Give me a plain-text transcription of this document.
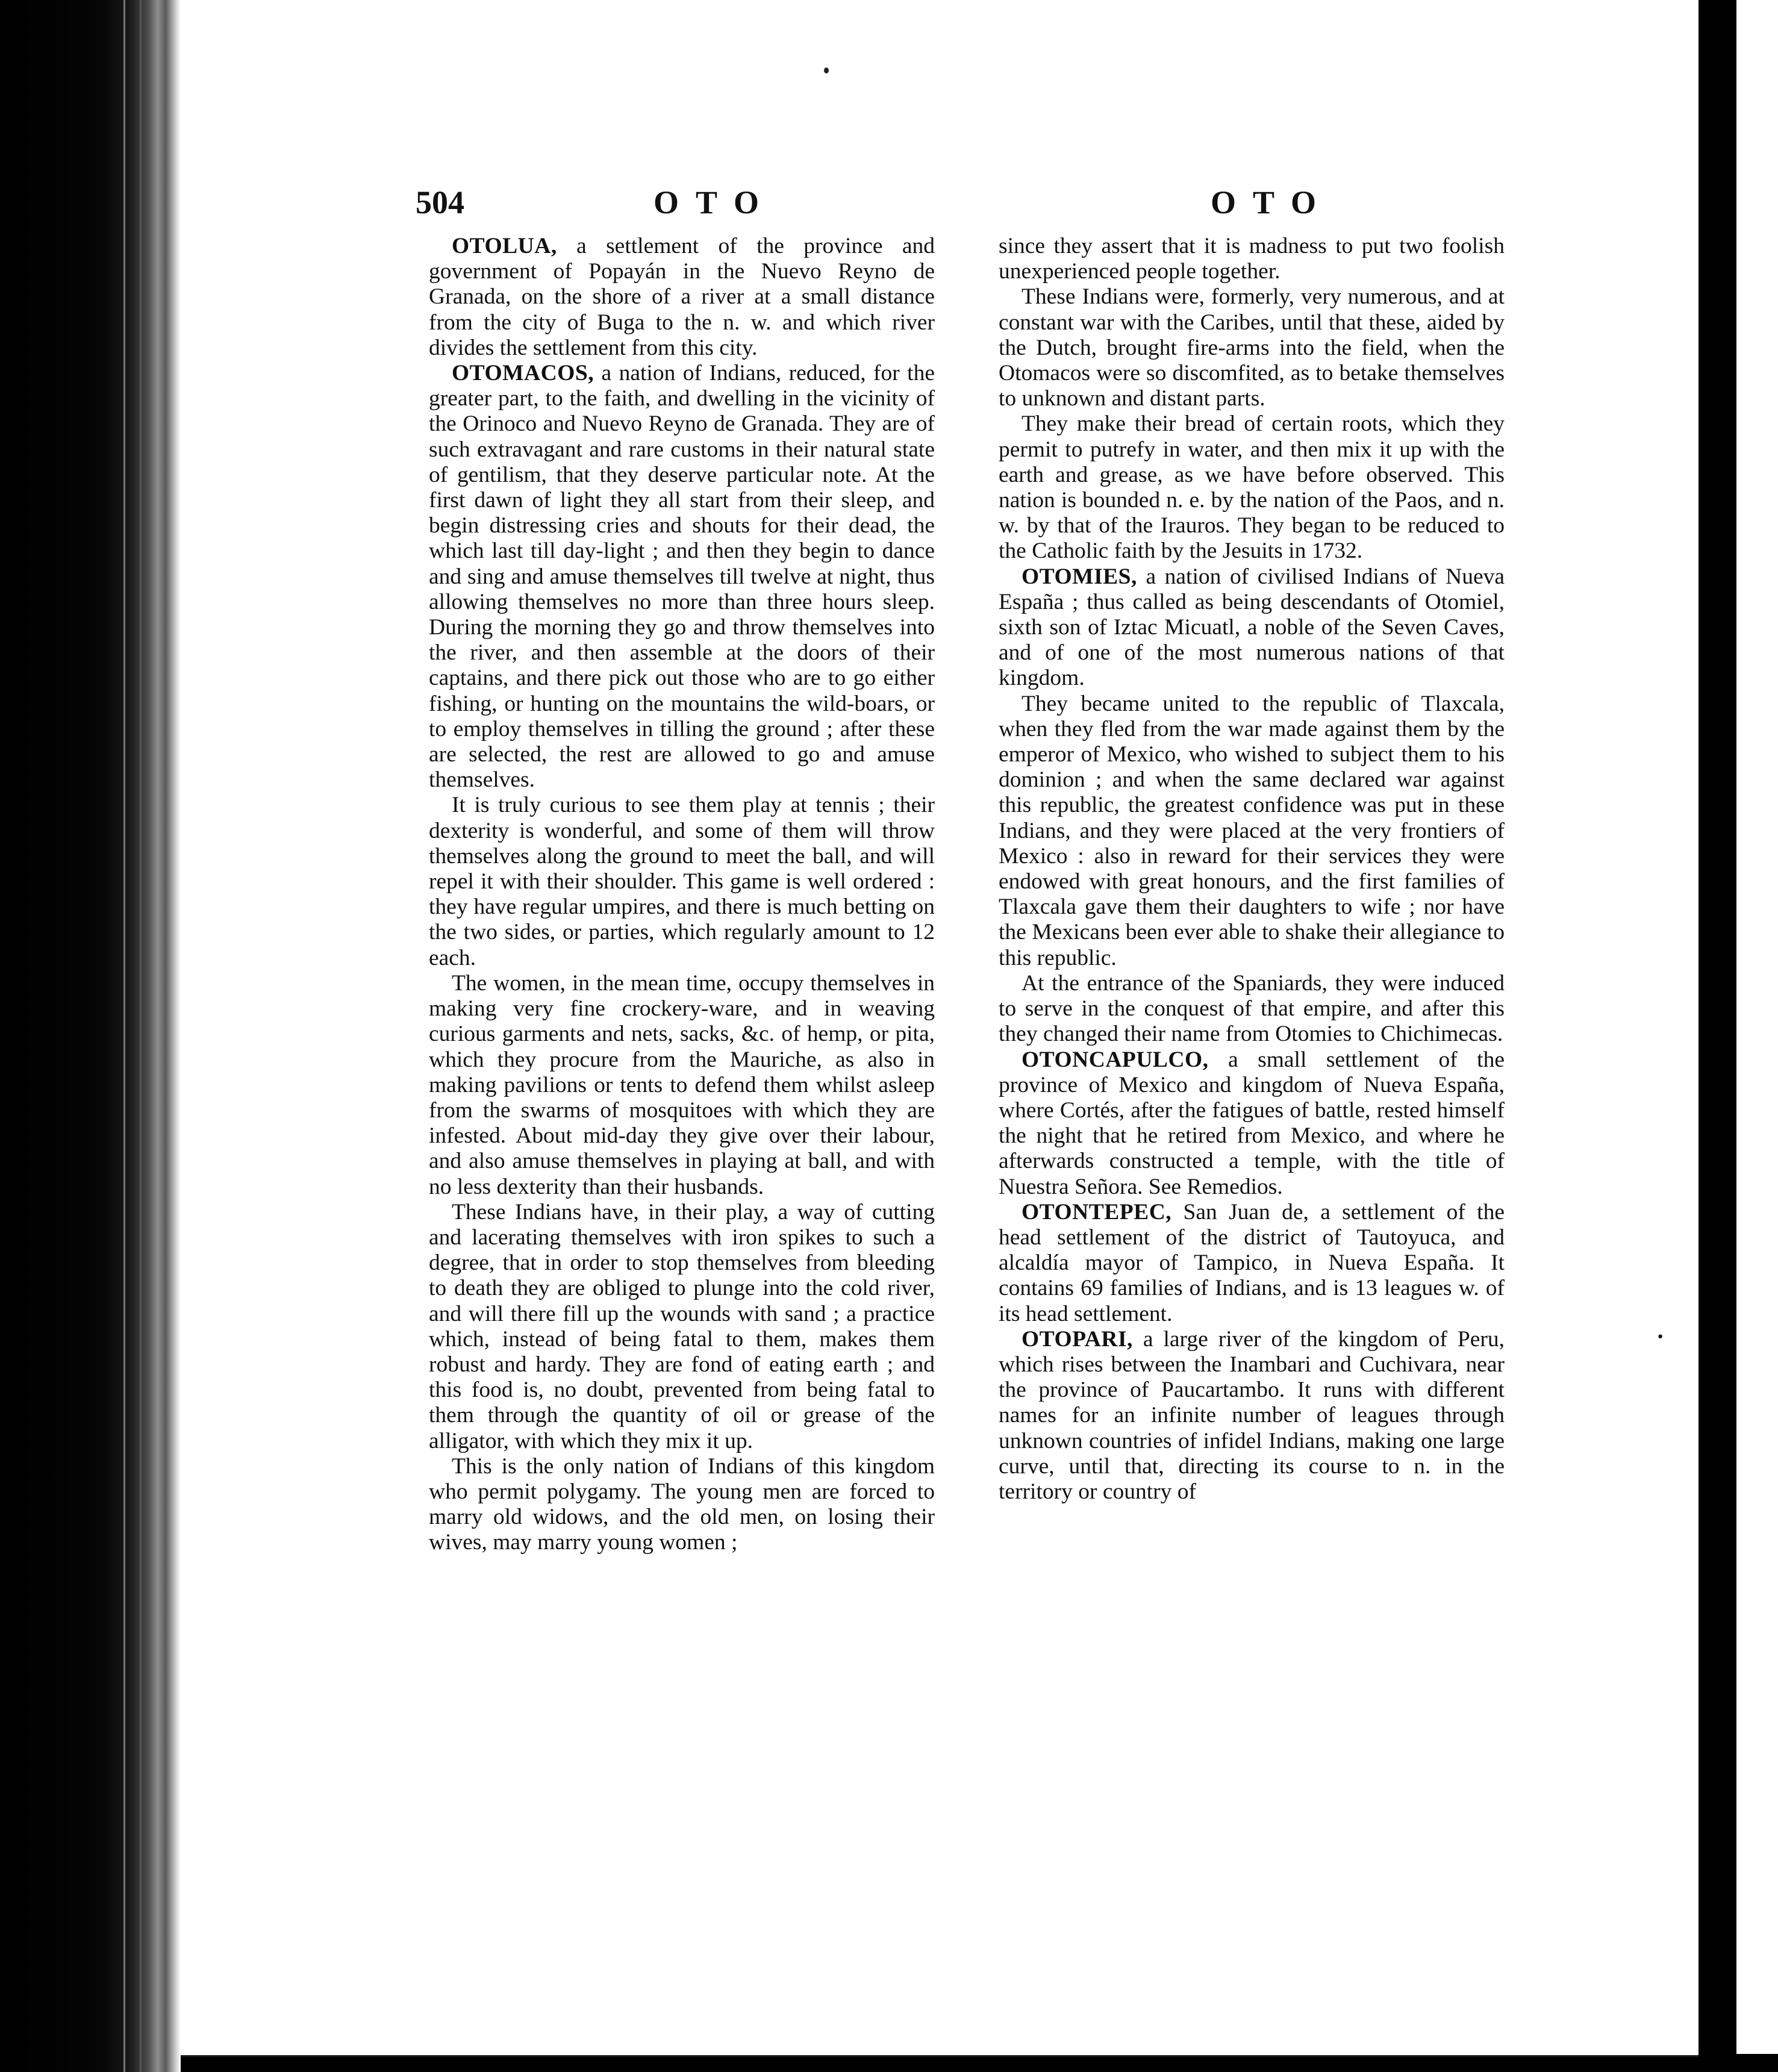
·
504	OTO	OTO

OTOLUA, a settlement of the province and government of Popayán in the Nuevo Reyno de Granada, on the shore of a river at a small distance from the city of Buga to the n. w. and which river divides the settlement from this city.

OTOMACOS, a nation of Indians, reduced, for the greater part, to the faith, and dwelling in the vicinity of the Orinoco and Nuevo Reyno de Granada. They are of such extravagant and rare customs in their natural state of gentilism, that they deserve particular note. At the first dawn of light they all start from their sleep, and begin distressing cries and shouts for their dead, the which last till day-light ; and then they begin to dance and sing and amuse themselves till twelve at night, thus allowing themselves no more than three hours sleep. During the morning they go and throw themselves into the river, and then assemble at the doors of their captains, and there pick out those who are to go either fishing, or hunting on the mountains the wild-boars, or to employ themselves in tilling the ground ; after these are selected, the rest are allowed to go and amuse themselves.

It is truly curious to see them play at tennis ; their dexterity is wonderful, and some of them will throw themselves along the ground to meet the ball, and will repel it with their shoulder. This game is well ordered : they have regular umpires, and there is much betting on the two sides, or parties, which regularly amount to 12 each.

The women, in the mean time, occupy themselves in making very fine crockery-ware, and in weaving curious garments and nets, sacks, &c. of hemp, or pita, which they procure from the Mauriche, as also in making pavilions or tents to defend them whilst asleep from the swarms of mosquitoes with which they are infested. About mid-day they give over their labour, and also amuse themselves in playing at ball, and with no less dexterity than their husbands.

These Indians have, in their play, a way of cutting and lacerating themselves with iron spikes to such a degree, that in order to stop themselves from bleeding to death they are obliged to plunge into the cold river, and will there fill up the wounds with sand ; a practice which, instead of being fatal to them, makes them robust and hardy. They are fond of eating earth ; and this food is, no doubt, prevented from being fatal to them through the quantity of oil or grease of the alligator, with which they mix it up.

This is the only nation of Indians of this kingdom who permit polygamy. The young men are forced to marry old widows, and the old men, on losing their wives, may marry young women ;

since they assert that it is madness to put two foolish unexperienced people together.

These Indians were, formerly, very numerous, and at constant war with the Caribes, until that these, aided by the Dutch, brought fire-arms into the field, when the Otomacos were so discomfited, as to betake themselves to unknown and distant parts.

They make their bread of certain roots, which they permit to putrefy in water, and then mix it up with the earth and grease, as we have before observed. This nation is bounded n. e. by the nation of the Paos, and n. w. by that of the Irauros. They began to be reduced to the Catholic faith by the Jesuits in 1732.

OTOMIES, a nation of civilised Indians of Nueva España ; thus called as being descendants of Otomiel, sixth son of Iztac Micuatl, a noble of the Seven Caves, and of one of the most numerous nations of that kingdom.

They became united to the republic of Tlaxcala, when they fled from the war made against them by the emperor of Mexico, who wished to subject them to his dominion ; and when the same declared war against this republic, the greatest confidence was put in these Indians, and they were placed at the very frontiers of Mexico : also in reward for their services they were endowed with great honours, and the first families of Tlaxcala gave them their daughters to wife ; nor have the Mexicans been ever able to shake their allegiance to this republic.

At the entrance of the Spaniards, they were induced to serve in the conquest of that empire, and after this they changed their name from Otomies to Chichimecas.

OTONCAPULCO, a small settlement of the province of Mexico and kingdom of Nueva España, where Cortés, after the fatigues of battle, rested himself the night that he retired from Mexico, and where he afterwards constructed a temple, with the title of Nuestra Señora. See Remedios.

OTONTEPEC, San Juan de, a settlement of the head settlement of the district of Tautoyuca, and alcaldía mayor of Tampico, in Nueva España. It contains 69 families of Indians, and is 13 leagues w. of its head settlement.

OTOPARI, a large river of the kingdom of Peru, which rises between the Inambari and Cuchivara, near the province of Paucartambo. It runs with different names for an infinite number of leagues through unknown countries of infidel Indians, making one large curve, until that, directing its course to n. in the territory or country of
